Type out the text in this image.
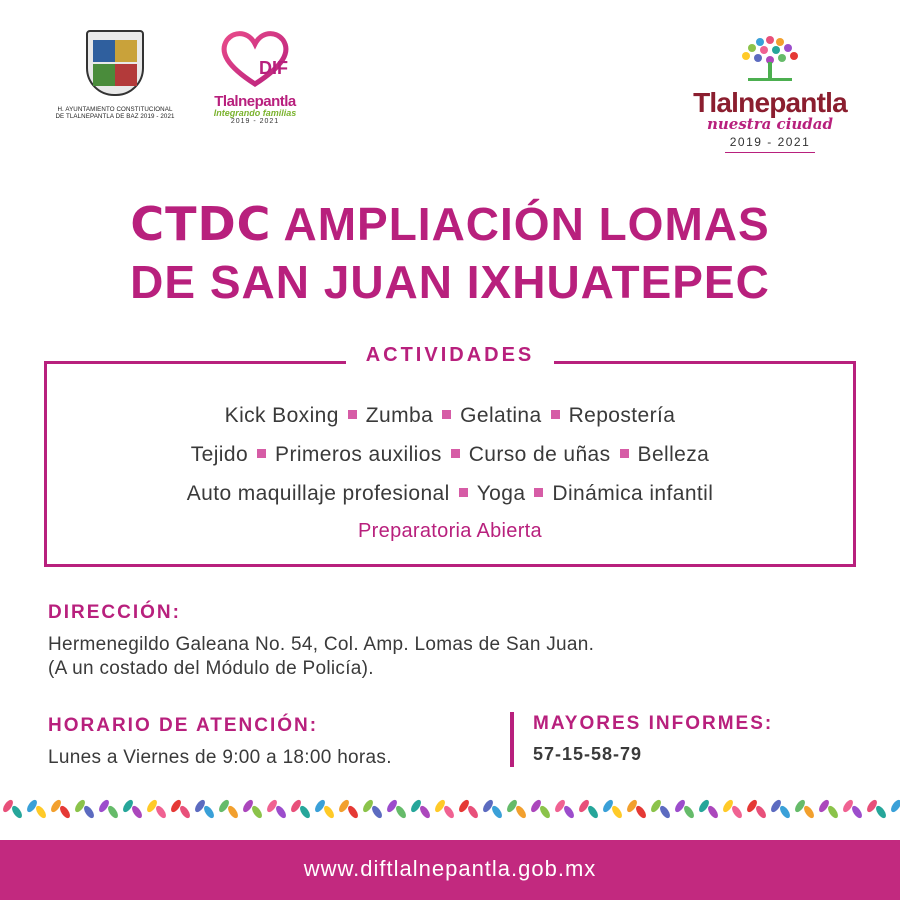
H. AYUNTAMIENTO CONSTITUCIONAL
DE TLALNEPANTLA DE BAZ 2019 - 2021
DIF
Tlalnepantla
Integrando familias
2019 - 2021
Tlalnepantla
nuestra ciudad
2019 - 2021
CTDC AMPLIACIÓN LOMAS
DE SAN JUAN IXHUATEPEC
ACTIVIDADES
Kick Boxing Zumba Gelatina Repostería
Tejido Primeros auxilios Curso de uñas Belleza
Auto maquillaje profesional Yoga Dinámica infantil
Preparatoria Abierta
DIRECCIÓN:
Hermenegildo Galeana No. 54, Col. Amp. Lomas de San Juan.
(A un costado del Módulo de Policía).
HORARIO DE ATENCIÓN:
Lunes a Viernes de 9:00 a 18:00 horas.
MAYORES INFORMES:
57-15-58-79
www.diftlalnepantla.gob.mx
